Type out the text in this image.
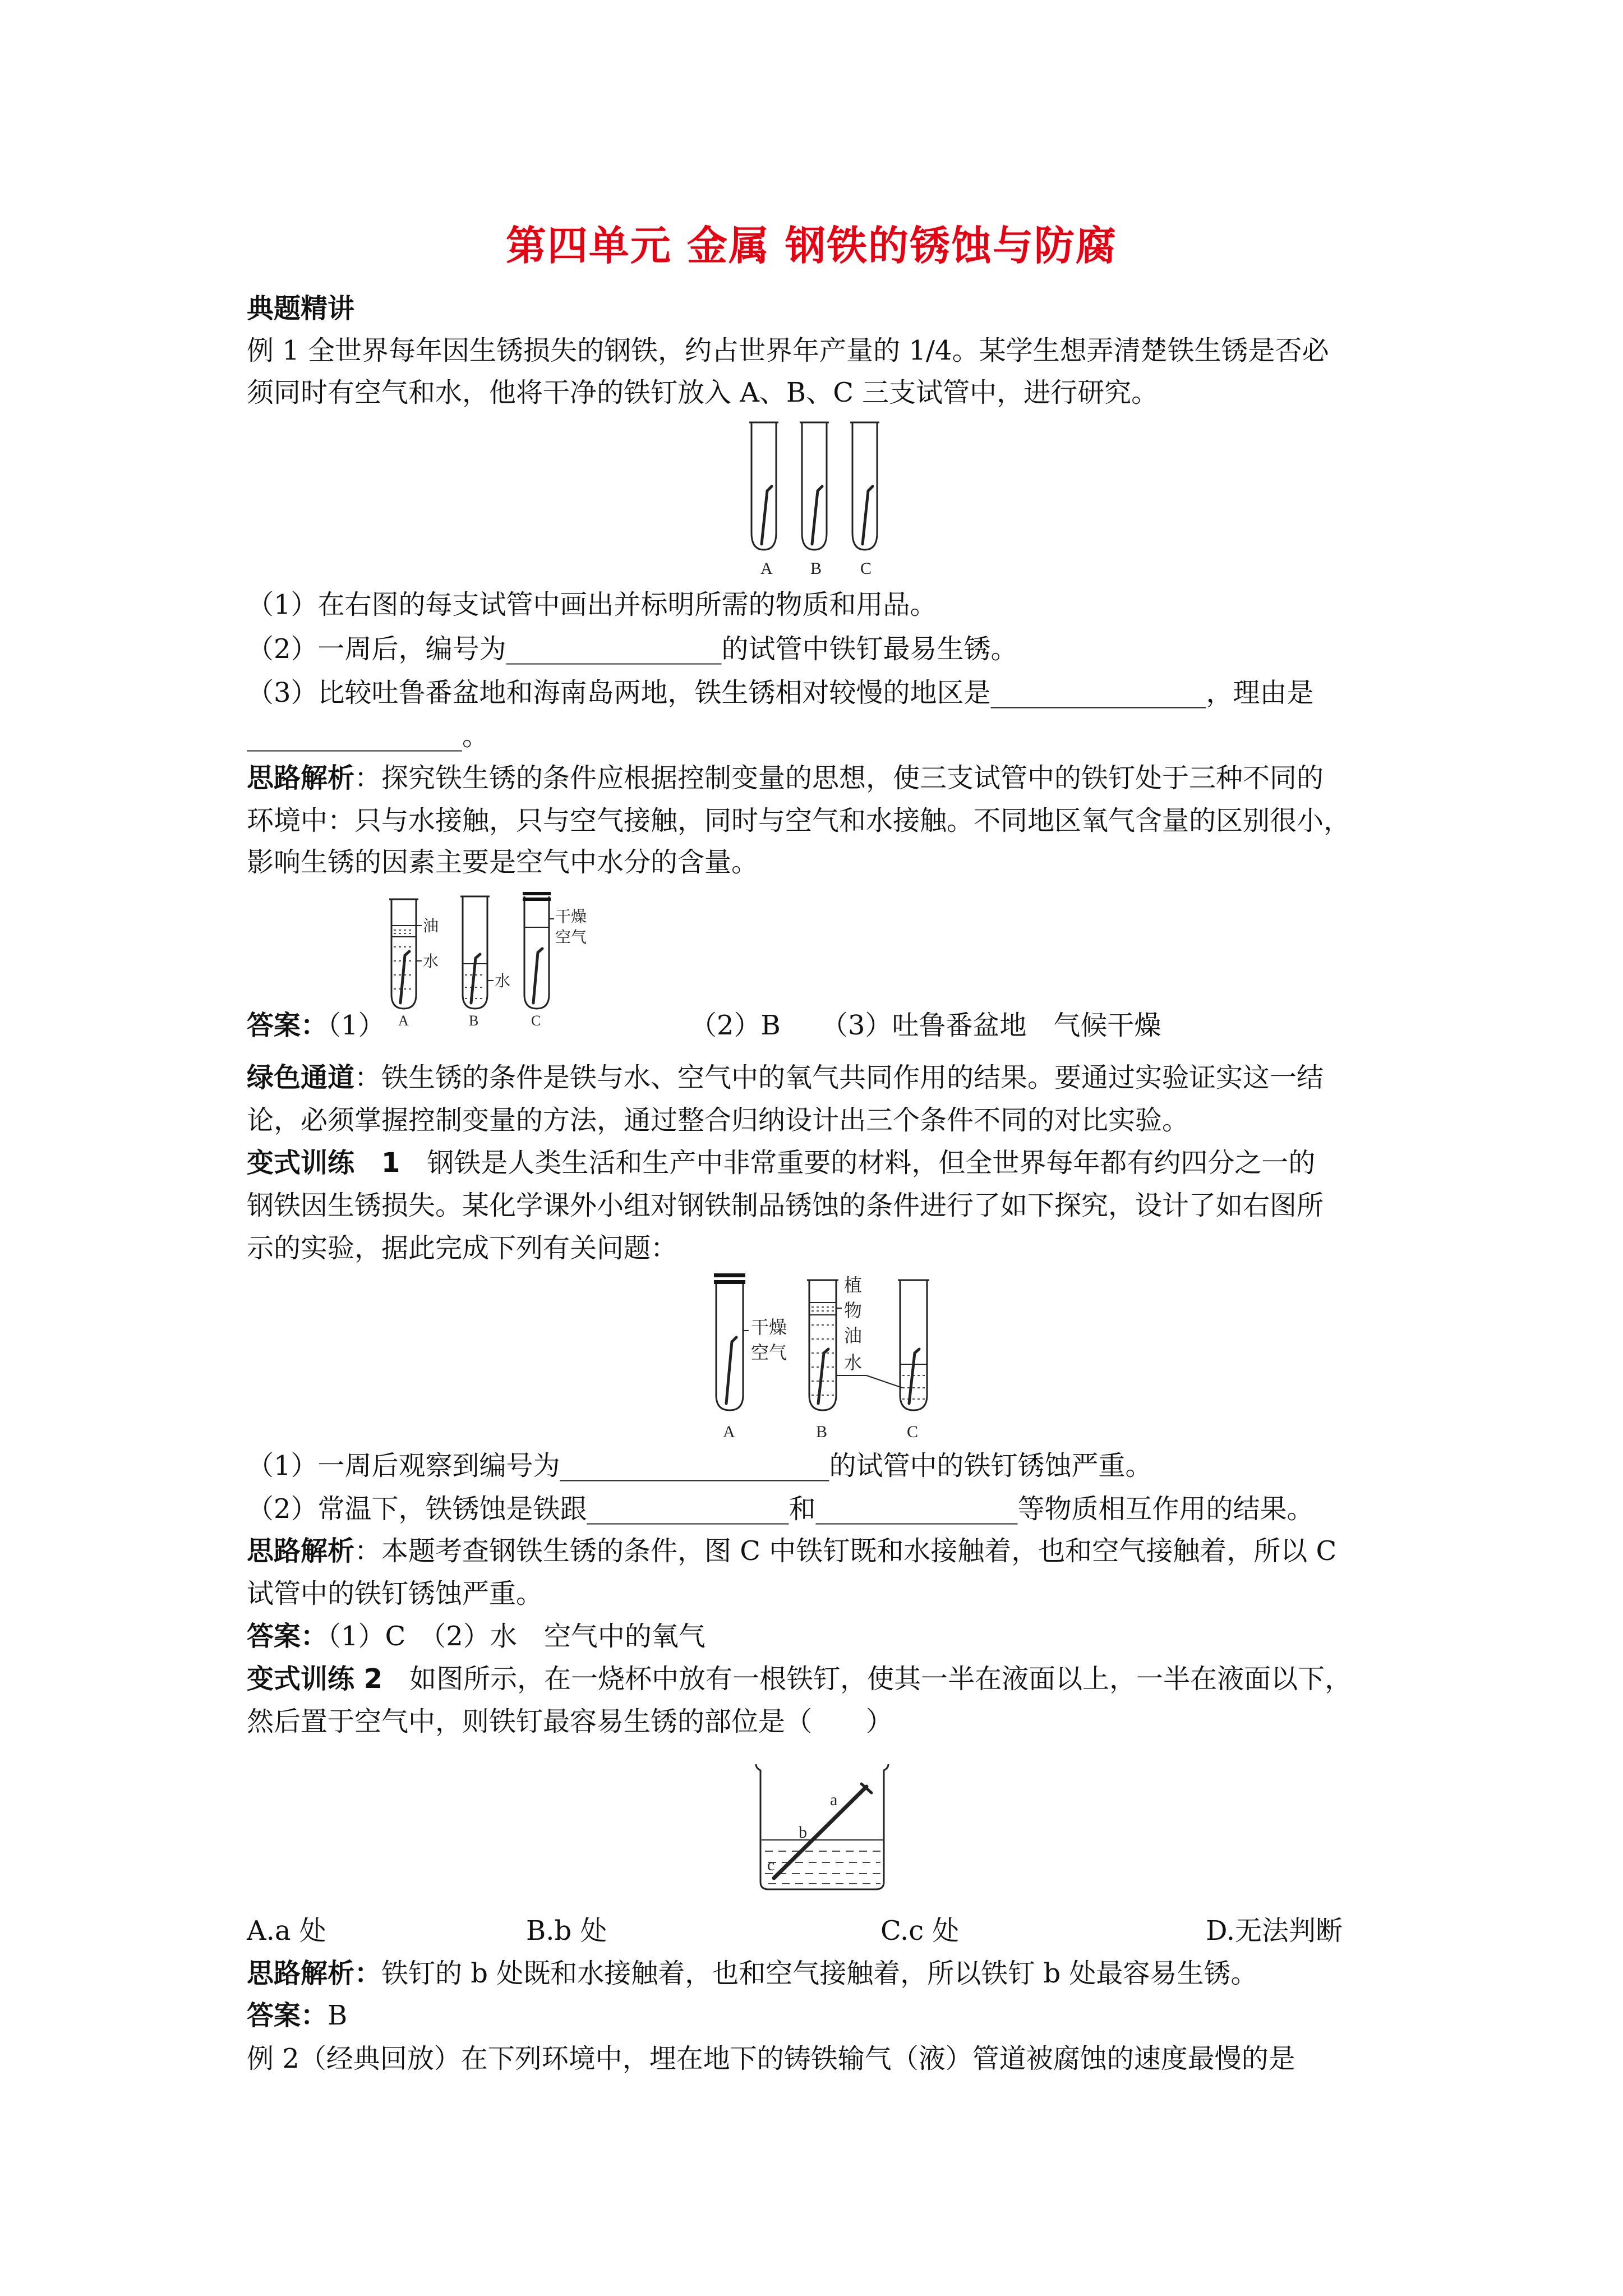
第四单元 金属 钢铁的锈蚀与防腐
典题精讲
例 1 全世界每年因生锈损失的钢铁，约占世界年产量的 1/4。某学生想弄清楚铁生锈是否必
须同时有空气和水，他将干净的铁钉放入 A、B、C 三支试管中，进行研究。
A B C
（1）在右图的每支试管中画出并标明所需的物质和用品。
（2）一周后，编号为________________的试管中铁钉最易生锈。
（3）比较吐鲁番盆地和海南岛两地，铁生锈相对较慢的地区是________________，理由是
________________。
思路解析：探究铁生锈的条件应根据控制变量的思想，使三支试管中的铁钉处于三种不同的
环境中：只与水接触，只与空气接触，同时与空气和水接触。不同地区氧气含量的区别很小，
影响生锈的因素主要是空气中水分的含量。
油
水
水
干燥
空气
A	B	C
答案：（1）	（2）B　　（3）吐鲁番盆地　气候干燥
绿色通道：铁生锈的条件是铁与水、空气中的氧气共同作用的结果。要通过实验证实这一结
论，必须掌握控制变量的方法，通过整合归纳设计出三个条件不同的对比实验。
变式训练　1　钢铁是人类生活和生产中非常重要的材料，但全世界每年都有约四分之一的
钢铁因生锈损失。某化学课外小组对钢铁制品锈蚀的条件进行了如下探究，设计了如右图所
示的实验，据此完成下列有关问题：
干燥
空气
植
物
油
水
A	B	C
（1）一周后观察到编号为____________________的试管中的铁钉锈蚀严重。
（2）常温下，铁锈蚀是铁跟_______________和_______________等物质相互作用的结果。
思路解析：本题考查钢铁生锈的条件，图 C 中铁钉既和水接触着，也和空气接触着，所以 C
试管中的铁钉锈蚀严重。
答案：（1）C　（2）水　空气中的氧气
变式训练 2　如图所示，在一烧杯中放有一根铁钉，使其一半在液面以上，一半在液面以下，
然后置于空气中，则铁钉最容易生锈的部位是（　　）
a
b
c
A.a 处	B.b 处	C.c 处	D.无法判断
思路解析：铁钉的 b 处既和水接触着，也和空气接触着，所以铁钉 b 处最容易生锈。
答案：B
例 2（经典回放）在下列环境中，埋在地下的铸铁输气（液）管道被腐蚀的速度最慢的是
